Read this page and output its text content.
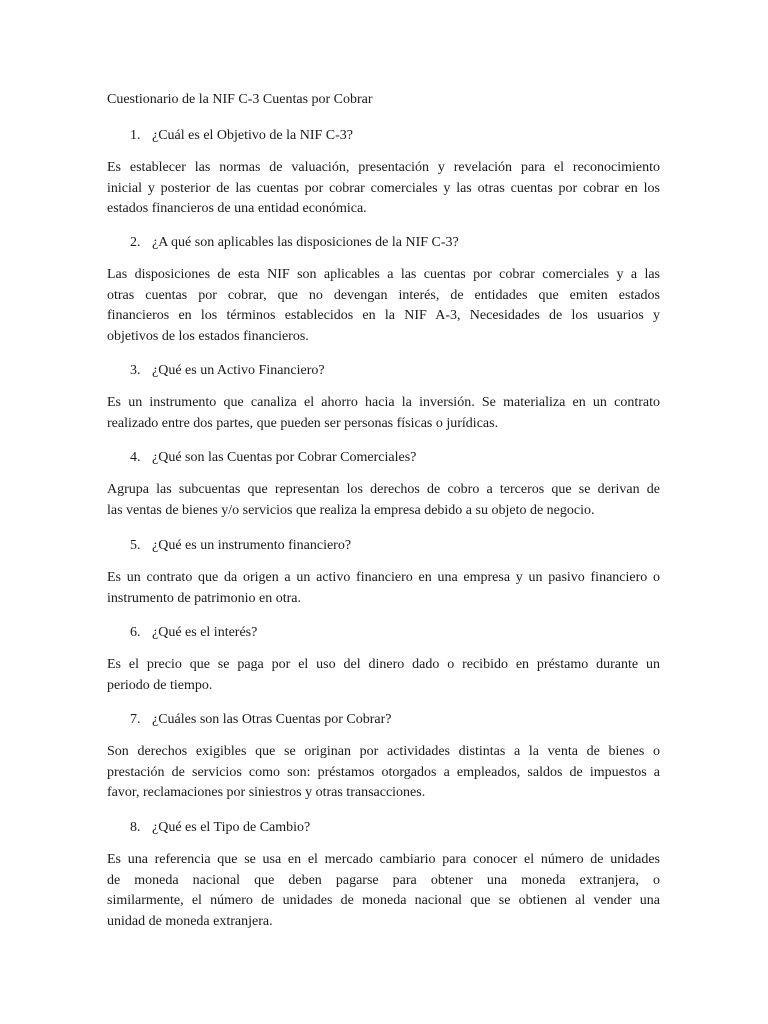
Cuestionario de la NIF C-3 Cuentas por Cobrar

1. ¿Cuál es el Objetivo de la NIF C-3?

Es establecer las normas de valuación, presentación y revelación para el reconocimiento
inicial y posterior de las cuentas por cobrar comerciales y las otras cuentas por cobrar en los
estados financieros de una entidad económica.

2. ¿A qué son aplicables las disposiciones de la NIF C-3?

Las disposiciones de esta NIF son aplicables a las cuentas por cobrar comerciales y a las
otras cuentas por cobrar, que no devengan interés, de entidades que emiten estados
financieros en los términos establecidos en la NIF A-3, Necesidades de los usuarios y
objetivos de los estados financieros.

3. ¿Qué es un Activo Financiero?

Es un instrumento que canaliza el ahorro hacia la inversión. Se materializa en un contrato
realizado entre dos partes, que pueden ser personas físicas o jurídicas.

4. ¿Qué son las Cuentas por Cobrar Comerciales?

Agrupa las subcuentas que representan los derechos de cobro a terceros que se derivan de
las ventas de bienes y/o servicios que realiza la empresa debido a su objeto de negocio.

5. ¿Qué es un instrumento financiero?

Es un contrato que da origen a un activo financiero en una empresa y un pasivo financiero o
instrumento de patrimonio en otra.

6. ¿Qué es el interés?

Es el precio que se paga por el uso del dinero dado o recibido en préstamo durante un
periodo de tiempo.

7. ¿Cuáles son las Otras Cuentas por Cobrar?

Son derechos exigibles que se originan por actividades distintas a la venta de bienes o
prestación de servicios como son: préstamos otorgados a empleados, saldos de impuestos a
favor, reclamaciones por siniestros y otras transacciones.

8. ¿Qué es el Tipo de Cambio?

Es una referencia que se usa en el mercado cambiario para conocer el número de unidades
de moneda nacional que deben pagarse para obtener una moneda extranjera, o
similarmente, el número de unidades de moneda nacional que se obtienen al vender una
unidad de moneda extranjera.
